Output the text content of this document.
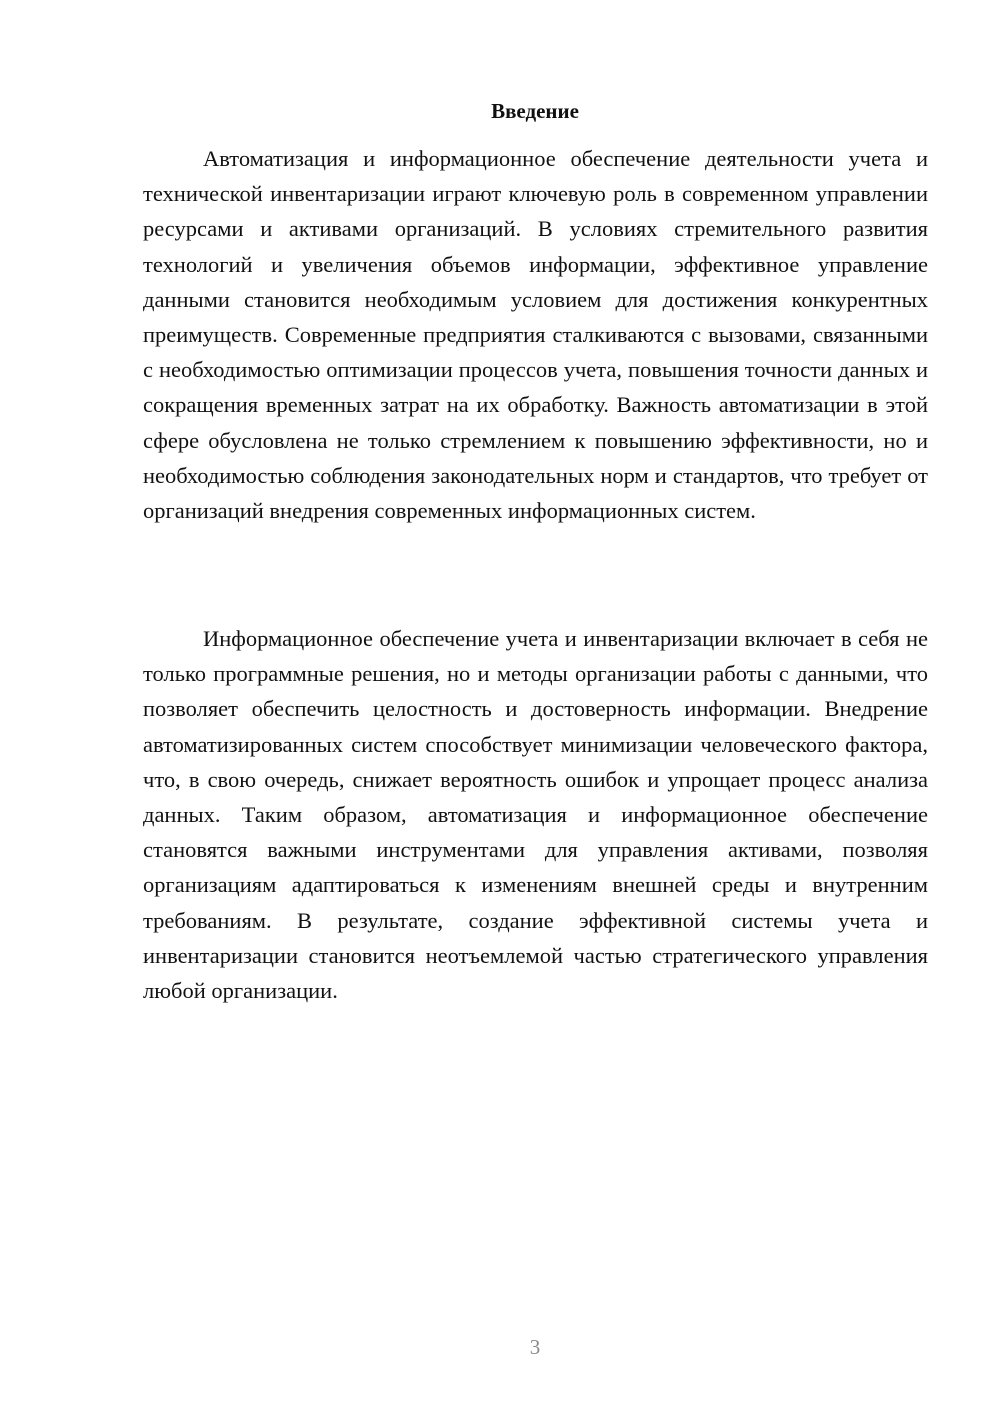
Введение

Автоматизация и информационное обеспечение деятельности учета и технической инвентаризации играют ключевую роль в современном управлении ресурсами и активами организаций. В условиях стремительного развития технологий и увеличения объемов информации, эффективное управление данными становится необходимым условием для достижения конкурентных преимуществ. Современные предприятия сталкиваются с вызовами, связанными с необходимостью оптимизации процессов учета, повышения точности данных и сокращения временных затрат на их обработку. Важность автоматизации в этой сфере обусловлена не только стремлением к повышению эффективности, но и необходимостью соблюдения законодательных норм и стандартов, что требует от организаций внедрения современных информационных систем.

Информационное обеспечение учета и инвентаризации включает в себя не только программные решения, но и методы организации работы с данными, что позволяет обеспечить целостность и достоверность информации. Внедрение автоматизированных систем способствует минимизации человеческого фактора, что, в свою очередь, снижает вероятность ошибок и упрощает процесс анализа данных. Таким образом, автоматизация и информационное обеспечение становятся важными инструментами для управления активами, позволяя организациям адаптироваться к изменениям внешней среды и внутренним требованиям. В результате, создание эффективной системы учета и инвентаризации становится неотъемлемой частью стратегического управления любой организации.

3
